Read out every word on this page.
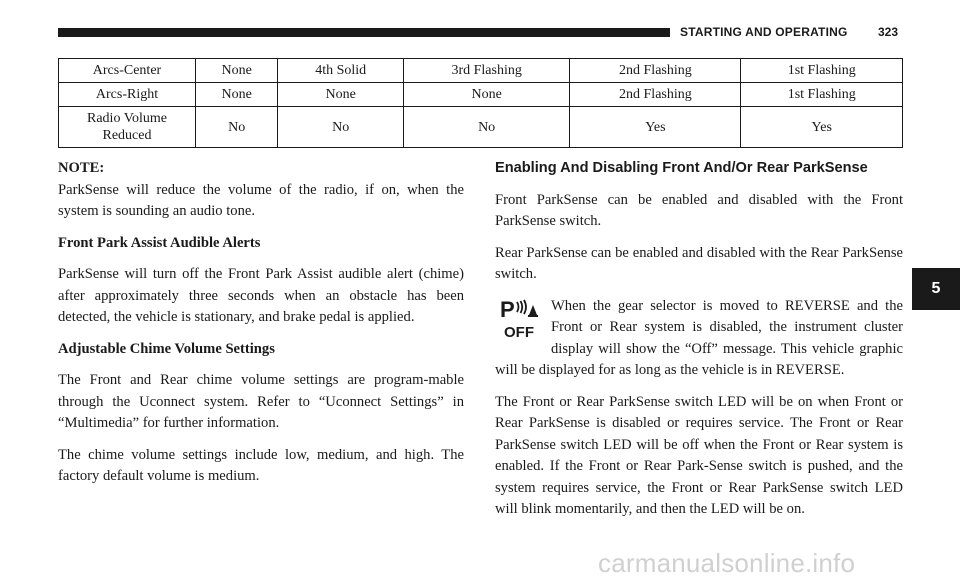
STARTING AND OPERATING	323
Arcs-Center	None	4th Solid	3rd Flashing	2nd Flashing	1st Flashing
Arcs-Right	None	None	None	2nd Flashing	1st Flashing
Radio Volume
Reduced	No	No	No	Yes	Yes

NOTE:

ParkSense will reduce the volume of the radio, if on, when the system is sounding an audio tone.

Front Park Assist Audible Alerts

ParkSense will turn off the Front Park Assist audible alert (chime) after approximately three seconds when an obstacle has been detected, the vehicle is stationary, and brake pedal is applied.

Adjustable Chime Volume Settings

The Front and Rear chime volume settings are program-mable through the Uconnect system. Refer to “Uconnect Settings” in “Multimedia” for further information.

The chime volume settings include low, medium, and high. The factory default volume is medium.

Enabling And Disabling Front And/Or Rear ParkSense

Front ParkSense can be enabled and disabled with the Front ParkSense switch.

Rear ParkSense can be enabled and disabled with the Rear ParkSense switch.

P
OFF
When the gear selector is moved to REVERSE and the Front or Rear system is disabled, the instrument cluster display will show the “Off” message. This vehicle graphic will be displayed for as long as the vehicle is in REVERSE.

The Front or Rear ParkSense switch LED will be on when Front or Rear ParkSense is disabled or requires service. The Front or Rear ParkSense switch LED will be off when the Front or Rear system is enabled. If the Front or Rear Park-Sense switch is pushed, and the system requires service, the Front or Rear ParkSense switch LED will blink momentarily, and then the LED will be on.

5
carmanualsonline.info
